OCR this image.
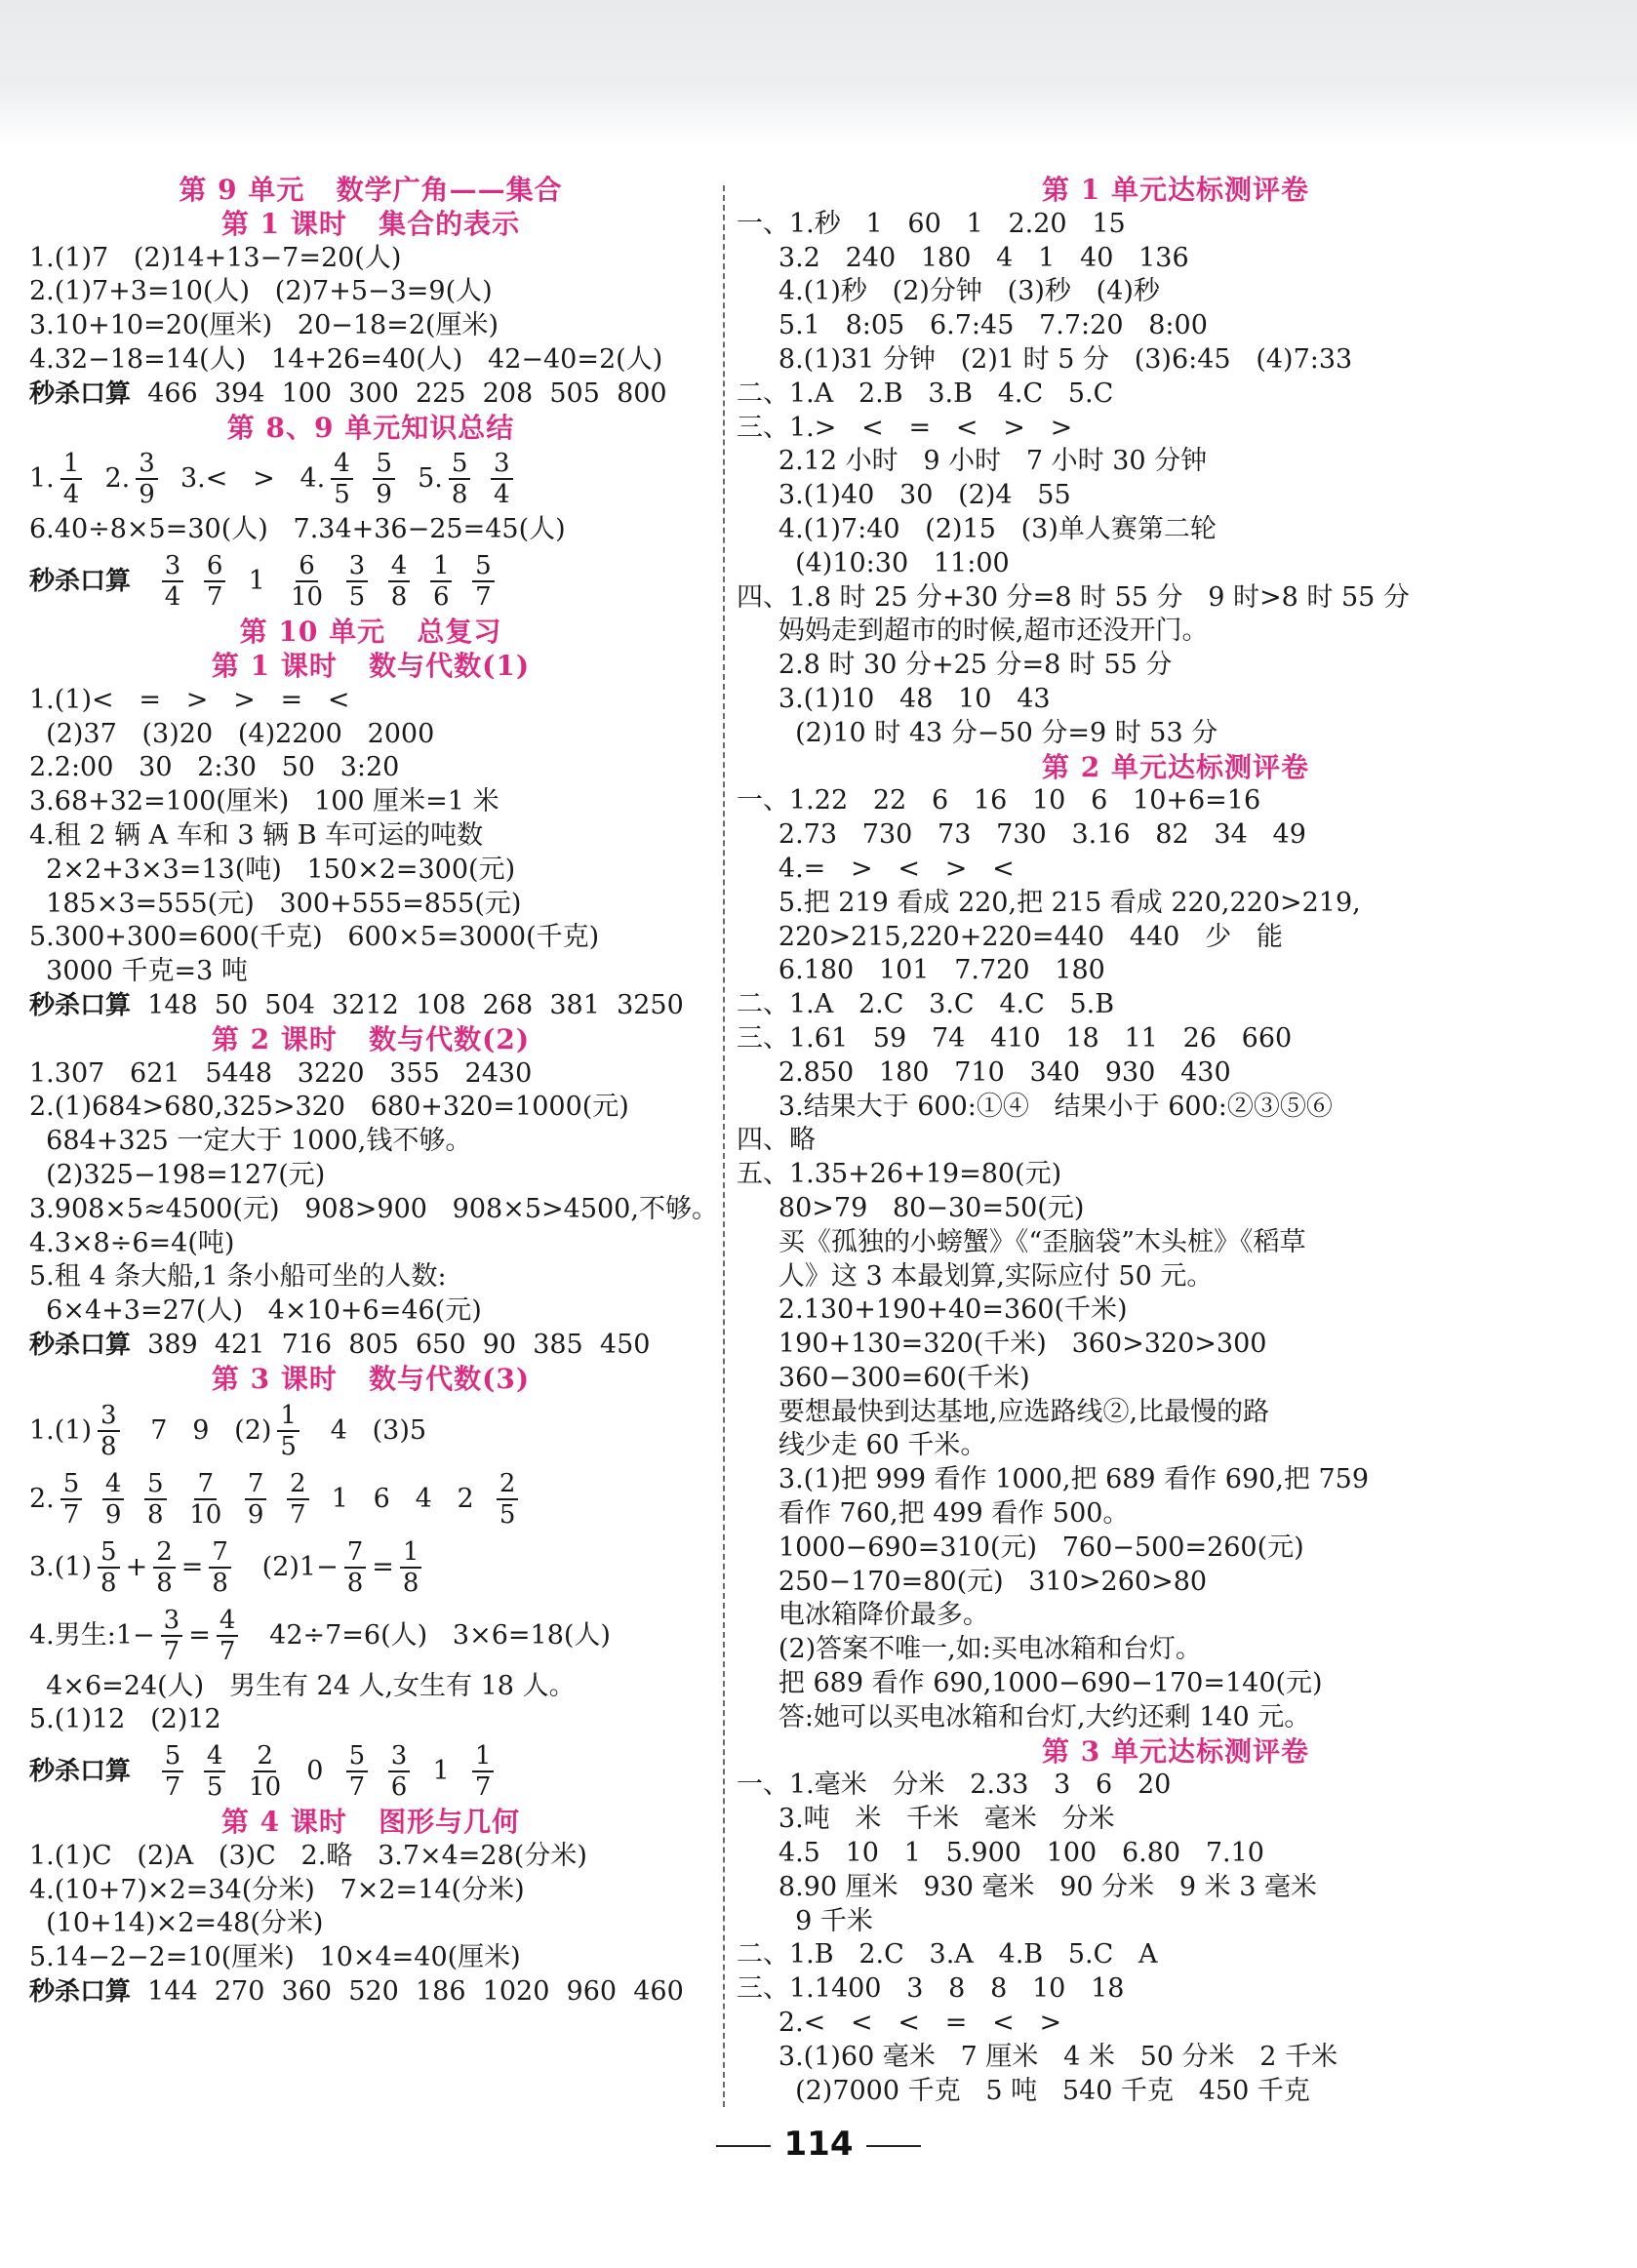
第 9 单元   数学广角——集合
第 1 课时   集合的表示
1.(1)7   (2)14+13−7=20(人)
2.(1)7+3=10(人)   (2)7+5−3=9(人)
3.10+10=20(厘米)   20−18=2(厘米)
4.32−18=14(人)   14+26=40(人)   42−40=2(人)
秒杀口算  466  394  100  300  225  208  505  800
第 8、9 单元知识总结
1. $\frac{1}{4} 2$. $\frac{3}{9} 3.< > 4$. $\frac{4}{5}$
$\frac{5}{9} 5$. $\frac{5}{8}$
$\frac{3}{4}$
6.40÷8×5=30(人)   7.34+36−25=45(人)
秒杀口算
$\frac{3}{4}$
$\frac{6}{7} 1 \frac{6}{10}$
$\frac{3}{5}$
$\frac{4}{8}$
$\frac{1}{6}$
$\frac{5}{7}$
第 10 单元   总复习
第 1 课时   数与代数(1)
1.(1)<   =   >   >   =   <
(2)37   (3)20   (4)2200   2000
2.2:00   30   2:30   50   3:20
3.68+32=100(厘米)   100 厘米=1 米
4.租 2 辆 A 车和 3 辆 B 车可运的吨数
2×2+3×3=13(吨)   150×2=300(元)
185×3=555(元)   300+555=855(元)
5.300+300=600(千克)   600×5=3000(千克)
3000 千克=3 吨
秒杀口算  148  50  504  3212  108  268  381  3250
第 2 课时   数与代数(2)
1.307   621   5448   3220   355   2430
2.(1)684>680,325>320   680+320=1000(元)
684+325 一定大于 1000,钱不够。
(2)325−198=127(元)
3.908×5≈4500(元)   908>900   908×5>4500,不够。
4.3×8÷6=4(吨)
5.租 4 条大船,1 条小船可坐的人数:
6×4+3=27(人)   4×10+6=46(元)
秒杀口算  389  421  716  805  650  90  385  450
第 3 课时   数与代数(3)
$1.(1) \frac{3}{8} 7$   9   $(2) \frac{1}{5} 4$   (3)5
2. $\frac{5}{7}$
$\frac{4}{9}$
$\frac{5}{8}$
$\frac{7}{10}$
$\frac{7}{9}$
$\frac{2}{7} 1$   6   4   $2 \frac{2}{5}$
$3.(1) \frac{5}{8} + \frac{2}{8} = \frac{7}{8} (2)1- \frac{7}{8} = \frac{1}{8}$
4.男生:1− $\frac{3}{7} = \frac{4}{7} 42\div 7=6$(人)   3×6=18(人)
4×6=24(人)   男生有 24 人,女生有 18 人。
5.(1)12   (2)12
秒杀口算
$\frac{5}{7}$
$\frac{4}{5}$
$\frac{2}{10} 0 \frac{5}{7}$
$\frac{3}{6} 1 \frac{1}{7}$
第 4 课时   图形与几何
1.(1)C   (2)A   (3)C   2.略   3.7×4=28(分米)
4.(10+7)×2=34(分米)   7×2=14(分米)
(10+14)×2=48(分米)
5.14−2−2=10(厘米)   10×4=40(厘米)
秒杀口算  144  270  360  520  186  1020  960  460
第 1 单元达标测评卷
一、1.秒   1   60   1   2.20   15
3.2   240   180   4   1   40   136
4.(1)秒   (2)分钟   (3)秒   (4)秒
5.1   8:05   6.7:45   7.7:20   8:00
8.(1)31 分钟   (2)1 时 5 分   (3)6:45   (4)7:33
二、1.A   2.B   3.B   4.C   5.C
三、1.>   <   =   <   >   >
2.12 小时   9 小时   7 小时 30 分钟
3.(1)40   30   (2)4   55
4.(1)7:40   (2)15   (3)单人赛第二轮
(4)10:30   11:00
四、1.8 时 25 分+30 分=8 时 55 分   9 时>8 时 55 分
妈妈走到超市的时候,超市还没开门。
2.8 时 30 分+25 分=8 时 55 分
3.(1)10   48   10   43
(2)10 时 43 分−50 分=9 时 53 分
第 2 单元达标测评卷
一、1.22   22   6   16   10   6   10+6=16
2.73   730   73   730   3.16   82   34   49
4.=   >   <   >   <
5.把 219 看成 220,把 215 看成 220,220>219,
220>215,220+220=440   440   少   能
6.180   101   7.720   180
二、1.A   2.C   3.C   4.C   5.B
三、1.61   59   74   410   18   11   26   660
2.850   180   710   340   930   430
3.结果大于 600:①④   结果小于 600:②③⑤⑥
四、略
五、1.35+26+19=80(元)
80>79   80−30=50(元)
买《孤独的小螃蟹》《“歪脑袋”木头桩》《稻草
人》这 3 本最划算,实际应付 50 元。
2.130+190+40=360(千米)
190+130=320(千米)   360>320>300
360−300=60(千米)
要想最快到达基地,应选路线②,比最慢的路
线少走 60 千米。
3.(1)把 999 看作 1000,把 689 看作 690,把 759
看作 760,把 499 看作 500。
1000−690=310(元)   760−500=260(元)
250−170=80(元)   310>260>80
电冰箱降价最多。
(2)答案不唯一,如:买电冰箱和台灯。
把 689 看作 690,1000−690−170=140(元)
答:她可以买电冰箱和台灯,大约还剩 140 元。
第 3 单元达标测评卷
一、1.毫米   分米   2.33   3   6   20
3.吨   米   千米   毫米   分米
4.5   10   1   5.900   100   6.80   7.10
8.90 厘米   930 毫米   90 分米   9 米 3 毫米
9 千米
二、1.B   2.C   3.A   4.B   5.C   A
三、1.1400   3   8   8   10   18
2.<   <   <   =   <   >
3.(1)60 毫米   7 厘米   4 米   50 分米   2 千米
(2)7000 千克   5 吨   540 千克   450 千克
114
